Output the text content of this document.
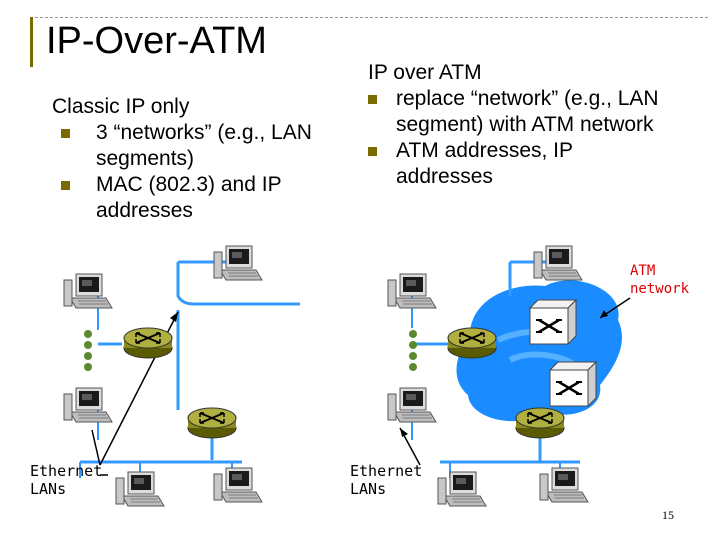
IP-Over-ATM
Classic IP only
3 “networks” (e.g., LAN segments)
MAC (802.3) and IP addresses
IP over ATM
replace “network” (e.g., LAN segment) with ATM network
ATM addresses, IP addresses
Ethernet
LANs
Ethernet
LANs
ATM
network
15
